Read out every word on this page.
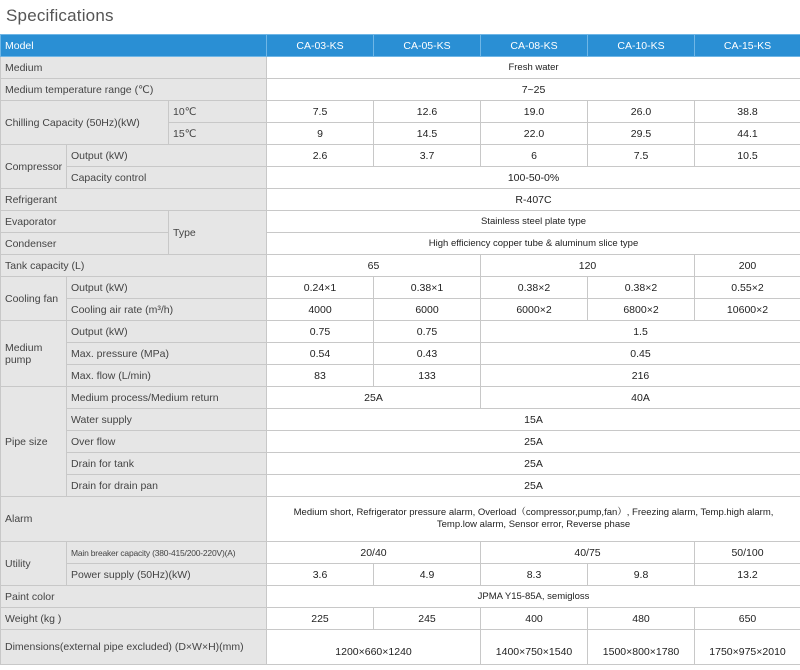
Specifications
Model			CA-03-KS	CA-05-KS	CA-08-KS	CA-10-KS	CA-15-KS
Medium			Fresh water				
Medium temperature range (℃)			7~25				
Chilling Capacity (50Hz)(kW)		10℃	7.5	12.6	19.0	26.0	38.8
		15℃	9	14.5	22.0	29.5	44.1
Compressor	Output (kW)		2.6	3.7	6	7.5	10.5
	Capacity control		100-50-0%				
Refrigerant			R-407C				
Evaporator		Type	Stainless steel plate type				
Condenser			High efficiency copper tube & aluminum slice type				
Tank capacity (L)			65		120		200
Cooling fan	Output (kW)		0.24×1	0.38×1	0.38×2	0.38×2	0.55×2
	Cooling air rate (m³/h)		4000	6000	6000×2	6800×2	10600×2
Medium pump	Output (kW)		0.75	0.75	1.5		
	Max. pressure (MPa)		0.54	0.43	0.45		
	Max. flow (L/min)		83	133	216		
Pipe size	Medium process/Medium return		25A		40A		
	Water supply		15A				
	Over flow		25A				
	Drain for tank		25A				
	Drain for drain pan		25A				
Alarm			Medium short, Refrigerator pressure alarm, Overload（compressor,pump,fan）, Freezing alarm, Temp.high alarm,
Temp.low alarm, Sensor error, Reverse phase				

Utility	Main breaker capacity (380-415/200-220V)(A)		20/40		40/75		50/100
	Power supply (50Hz)(kW)		3.6	4.9	8.3	9.8	13.2
Paint color			JPMA Y15-85A, semigloss				
Weight (kg )			225	245	400	480	650
Dimensions(external pipe excluded) (D×W×H)(mm)			1200×660×1240		1400×750×1540	1500×800×1780	1750×975×2010
